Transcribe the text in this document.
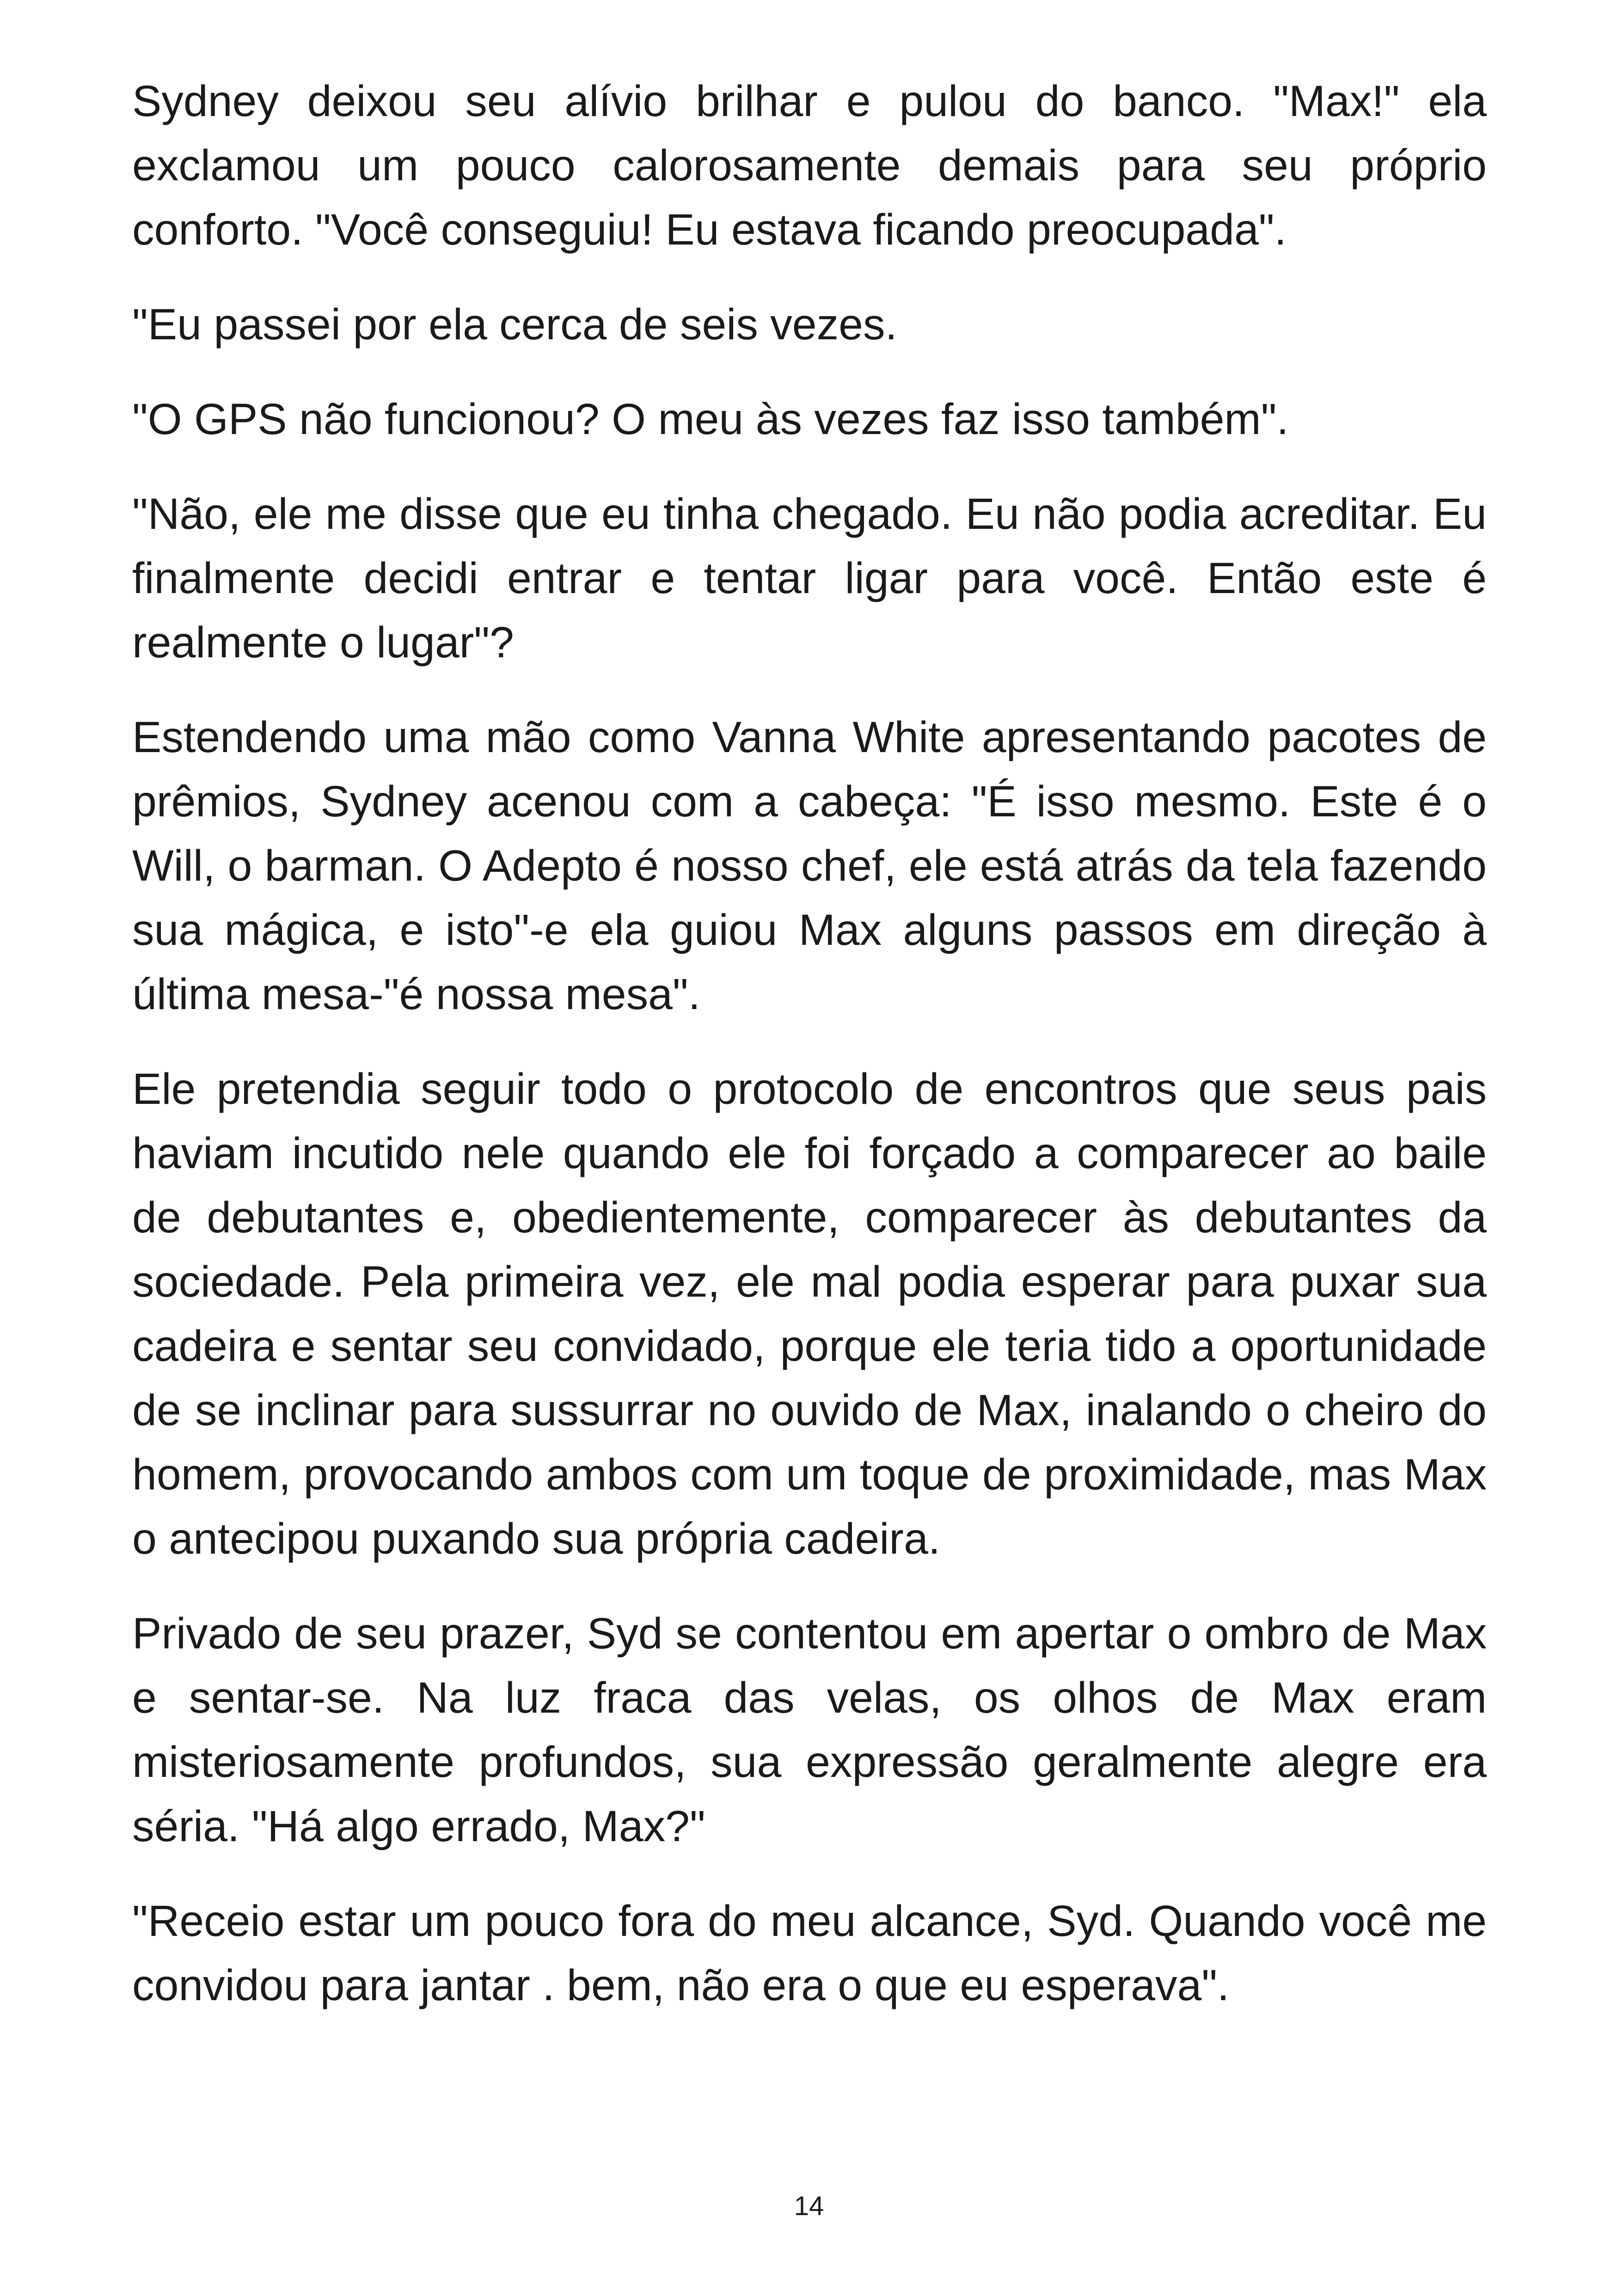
Sydney deixou seu alívio brilhar e pulou do banco. "Max!" ela exclamou um pouco calorosamente demais para seu próprio conforto. "Você conseguiu! Eu estava ficando preocupada".

"Eu passei por ela cerca de seis vezes.

"O GPS não funcionou? O meu às vezes faz isso também".

"Não, ele me disse que eu tinha chegado. Eu não podia acreditar. Eu finalmente decidi entrar e tentar ligar para você. Então este é realmente o lugar"?

Estendendo uma mão como Vanna White apresentando pacotes de prêmios, Sydney acenou com a cabeça: "É isso mesmo. Este é o Will, o barman. O Adepto é nosso chef, ele está atrás da tela fazendo sua mágica, e isto"-e ela guiou Max alguns passos em direção à última mesa-"é nossa mesa".

Ele pretendia seguir todo o protocolo de encontros que seus pais haviam incutido nele quando ele foi forçado a comparecer ao baile de debutantes e, obedientemente, comparecer às debutantes da sociedade. Pela primeira vez, ele mal podia esperar para puxar sua cadeira e sentar seu convidado, porque ele teria tido a oportunidade de se inclinar para sussurrar no ouvido de Max, inalando o cheiro do homem, provocando ambos com um toque de proximidade, mas Max o antecipou puxando sua própria cadeira.

Privado de seu prazer, Syd se contentou em apertar o ombro de Max e sentar-se. Na luz fraca das velas, os olhos de Max eram misteriosamente profundos, sua expressão geralmente alegre era séria. "Há algo errado, Max?"

"Receio estar um pouco fora do meu alcance, Syd. Quando você me convidou para jantar . bem, não era o que eu esperava".

14
